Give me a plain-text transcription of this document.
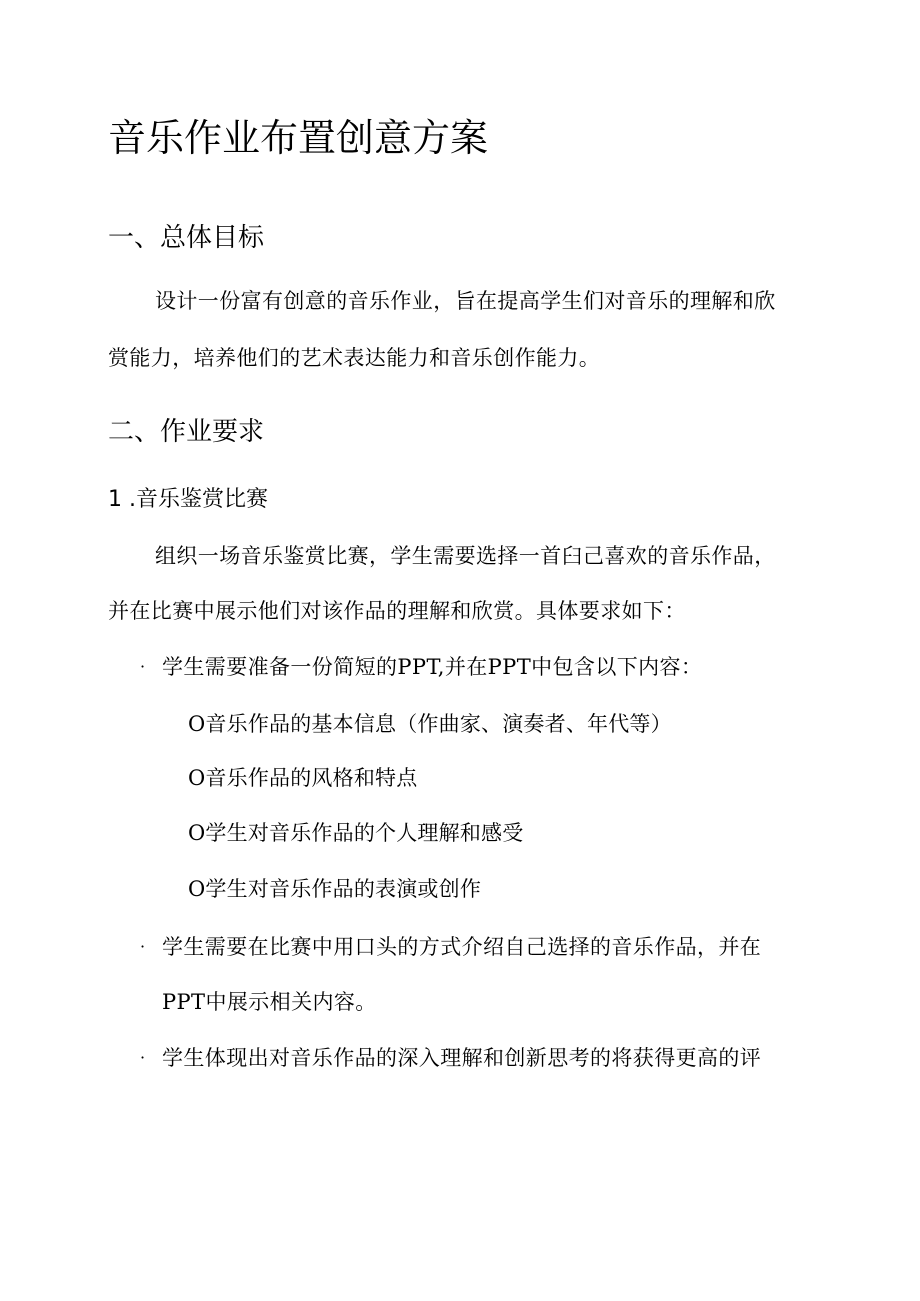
音乐作业布置创意方案
一、总体目标

设计一份富有创意的音乐作业，旨在提高学生们对音乐的理解和欣

赏能力，培养他们的艺术表达能力和音乐创作能力。

二、作业要求
1 .音乐鉴赏比赛

组织一场音乐鉴赏比赛，学生需要选择一首臼己喜欢的音乐作品，

并在比赛中展示他们对该作品的理解和欣赏。具体要求如下：

· 学生需要准备一份简短的PPT,并在PPT中包含以下内容：

O音乐作品的基本信息（作曲家、演奏者、年代等）

O音乐作品的风格和特点

O学生对音乐作品的个人理解和感受

O学生对音乐作品的表演或创作

· 学生需要在比赛中用口头的方式介绍自己选择的音乐作品，并在

PPT中展示相关内容。

· 学生体现出对音乐作品的深入理解和创新思考的将获得更高的评
